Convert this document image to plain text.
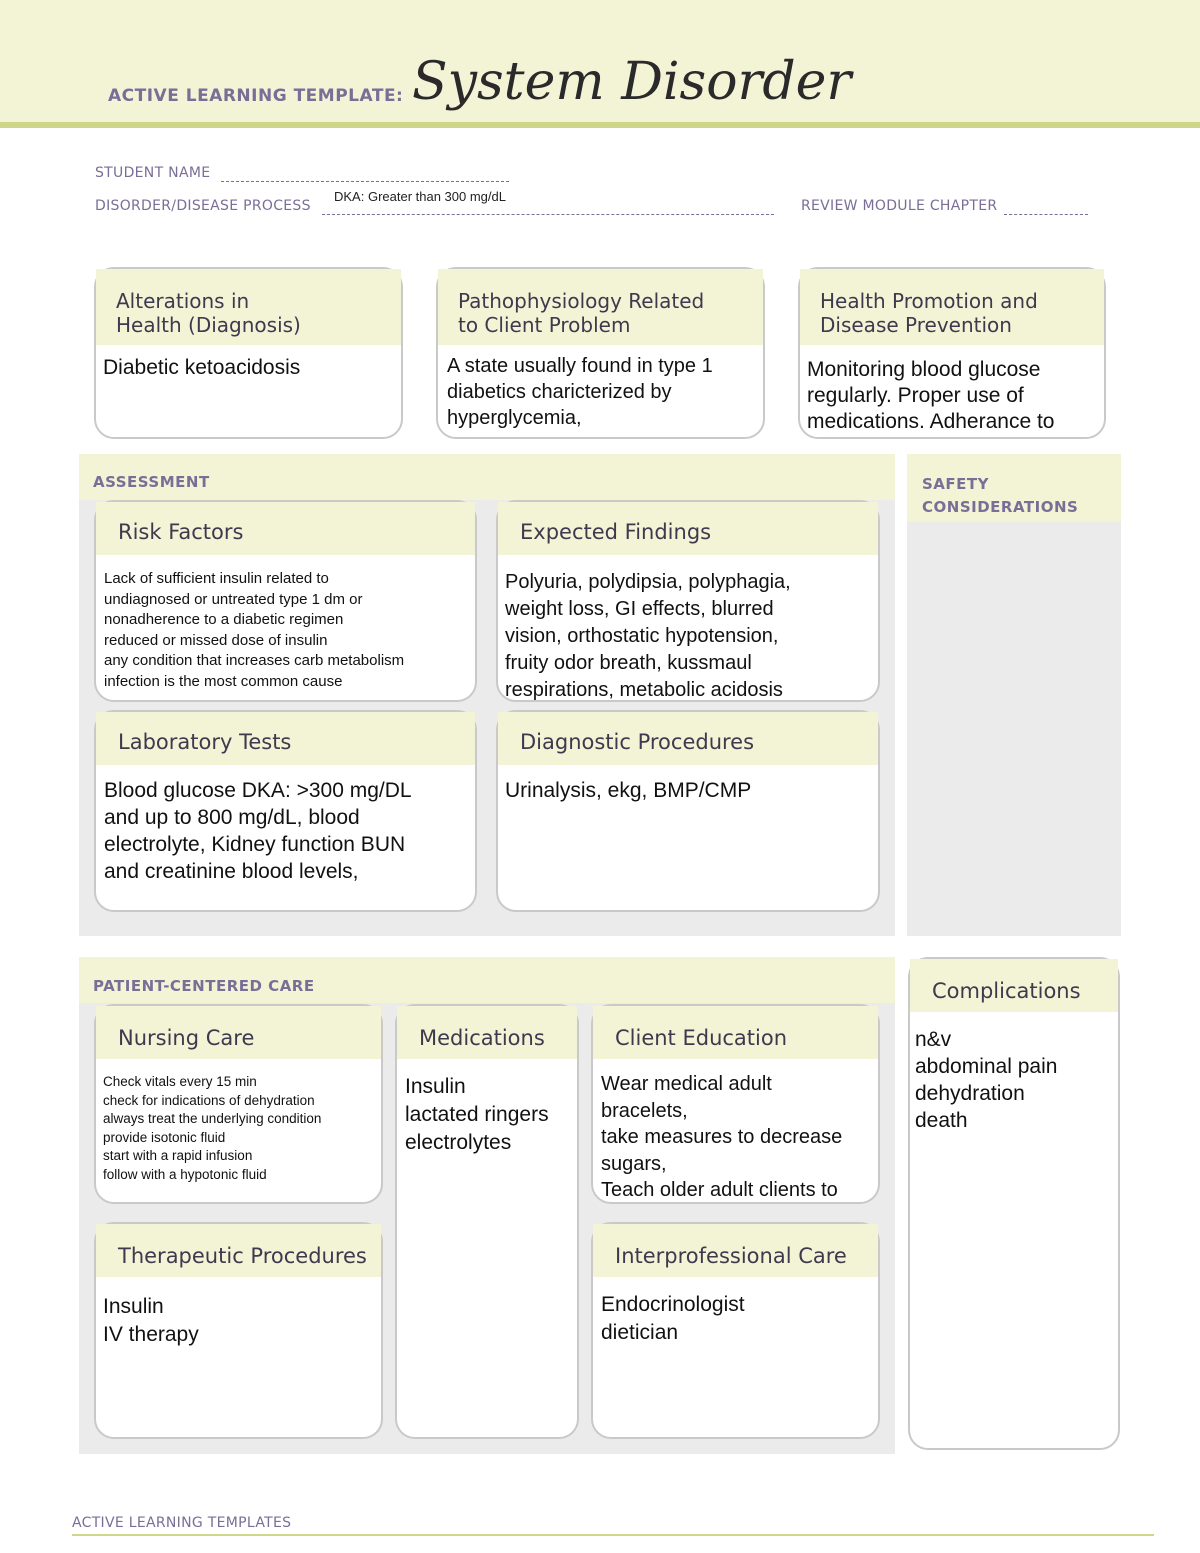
ACTIVE LEARNING TEMPLATE: System Disorder
STUDENT NAME
DISORDER/DISEASE PROCESS
DKA: Greater than 300 mg/dL
REVIEW MODULE CHAPTER
Alterations in
Health (Diagnosis)
Diabetic ketoacidosis
Pathophysiology Related
to Client Problem
A state usually found in type 1
diabetics charicterized by
hyperglycemia,
Health Promotion and
Disease Prevention
Monitoring blood glucose
regularly. Proper use of
medications. Adherance to
ASSESSMENT
Risk Factors
Lack of sufficient insulin related to
undiagnosed or untreated type 1 dm or
nonadherence to a diabetic regimen
reduced or missed dose of insulin
any condition that increases carb metabolism
infection is the most common cause
Expected Findings
Polyuria, polydipsia, polyphagia,
weight loss, GI effects, blurred
vision, orthostatic hypotension,
fruity odor breath, kussmaul
respirations, metabolic acidosis
Laboratory Tests
Blood glucose DKA: >300 mg/DL
and up to 800 mg/dL, blood
electrolyte, Kidney function BUN
and creatinine blood levels,
Diagnostic Procedures
Urinalysis, ekg, BMP/CMP
SAFETY
CONSIDERATIONS
PATIENT-CENTERED CARE
Nursing Care
Check vitals every 15 min
check for indications of dehydration
always treat the underlying condition
provide isotonic fluid
start with a rapid infusion
follow with a hypotonic fluid
Medications
Insulin
lactated ringers
electrolytes
Client Education
Wear medical adult
bracelets,
take measures to decrease
sugars,
Teach older adult clients to
Therapeutic Procedures
Insulin
IV therapy
Interprofessional Care
Endocrinologist
dietician
Complications
n&v
abdominal pain
dehydration
death
ACTIVE LEARNING TEMPLATES
